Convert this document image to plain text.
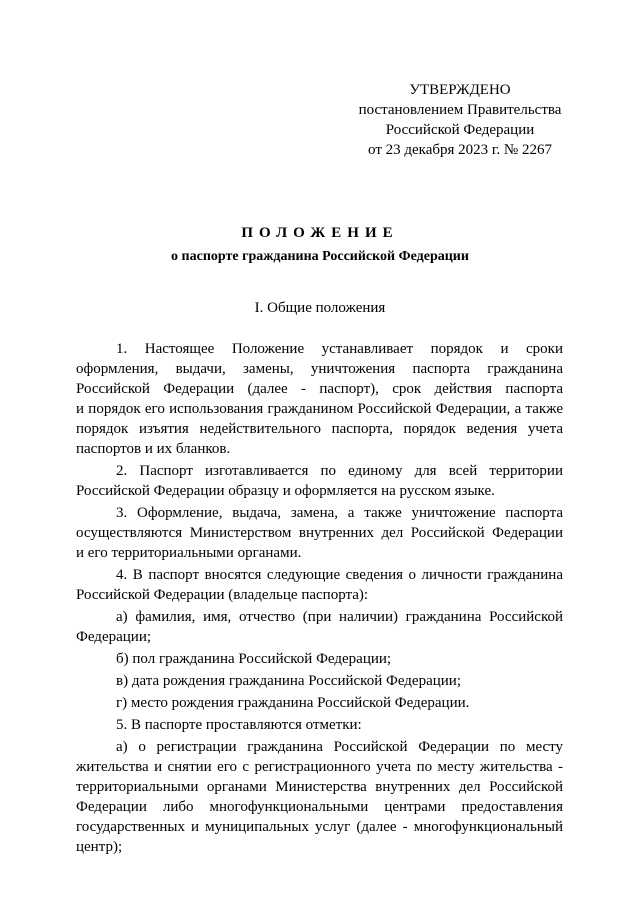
УТВЕРЖДЕНО
постановлением Правительства
Российской Федерации
от 23 декабря 2023 г. № 2267
ПОЛОЖЕНИЕ
о паспорте гражданина Российской Федерации
I. Общие положения

1. Настоящее Положение устанавливает порядок и сроки
оформления, выдачи, замены, уничтожения паспорта гражданина
Российской Федерации (далее - паспорт), срок действия паспорта
и порядок его использования гражданином Российской Федерации, а также
порядок изъятия недействительного паспорта, порядок ведения учета
паспортов и их бланков.

2. Паспорт изготавливается по единому для всей территории
Российской Федерации образцу и оформляется на русском языке.

3. Оформление, выдача, замена, а также уничтожение паспорта
осуществляются Министерством внутренних дел Российской Федерации
и его территориальными органами.

4. В паспорт вносятся следующие сведения о личности гражданина
Российской Федерации (владельце паспорта):

а) фамилия, имя, отчество (при наличии) гражданина Российской
Федерации;

б) пол гражданина Российской Федерации;

в) дата рождения гражданина Российской Федерации;

г) место рождения гражданина Российской Федерации.

5. В паспорте проставляются отметки:

а) о регистрации гражданина Российской Федерации по месту
жительства и снятии его с регистрационного учета по месту жительства -
территориальными органами Министерства внутренних дел Российской
Федерации либо многофункциональными центрами предоставления
государственных и муниципальных услуг (далее - многофункциональный
центр);
